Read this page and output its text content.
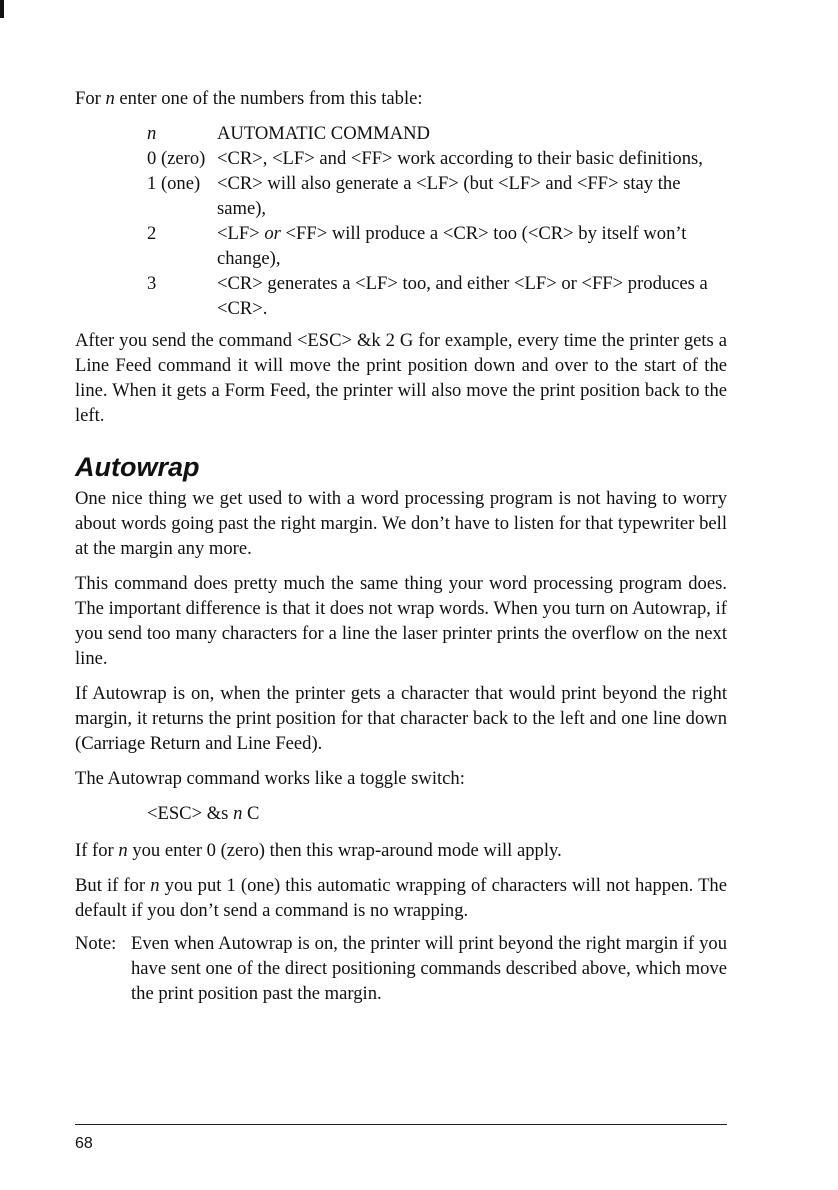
For n enter one of the numbers from this table:

n	AUTOMATIC COMMAND
0 (zero) <CR>, <LF> and <FF> work according to their basic definitions,
1 (one) <CR> will also generate a <LF> (but <LF> and <FF> stay the same),
2	<LF> or <FF> will produce a <CR> too (<CR> by itself won’t change),
3	<CR> generates a <LF> too, and either <LF> or <FF> produces a <CR>.

After you send the command <ESC> &k 2 G for example, every time the printer gets a Line Feed command it will move the print position down and over to the start of the line. When it gets a Form Feed, the printer will also move the print position back to the left.

Autowrap

One nice thing we get used to with a word processing program is not having to worry about words going past the right margin. We don’t have to listen for that typewriter bell at the margin any more.

This command does pretty much the same thing your word processing program does. The important difference is that it does not wrap words. When you turn on Autowrap, if you send too many characters for a line the laser printer prints the overflow on the next line.

If Autowrap is on, when the printer gets a character that would print beyond the right margin, it returns the print position for that character back to the left and one line down (Carriage Return and Line Feed).

The Autowrap command works like a toggle switch:

<ESC> &s n C

If for n you enter 0 (zero) then this wrap-around mode will apply.

But if for n you put 1 (one) this automatic wrapping of characters will not happen. The default if you don’t send a command is no wrapping.

Note: Even when Autowrap is on, the printer will print beyond the right margin if you have sent one of the direct positioning commands described above, which move the print position past the margin.
68
